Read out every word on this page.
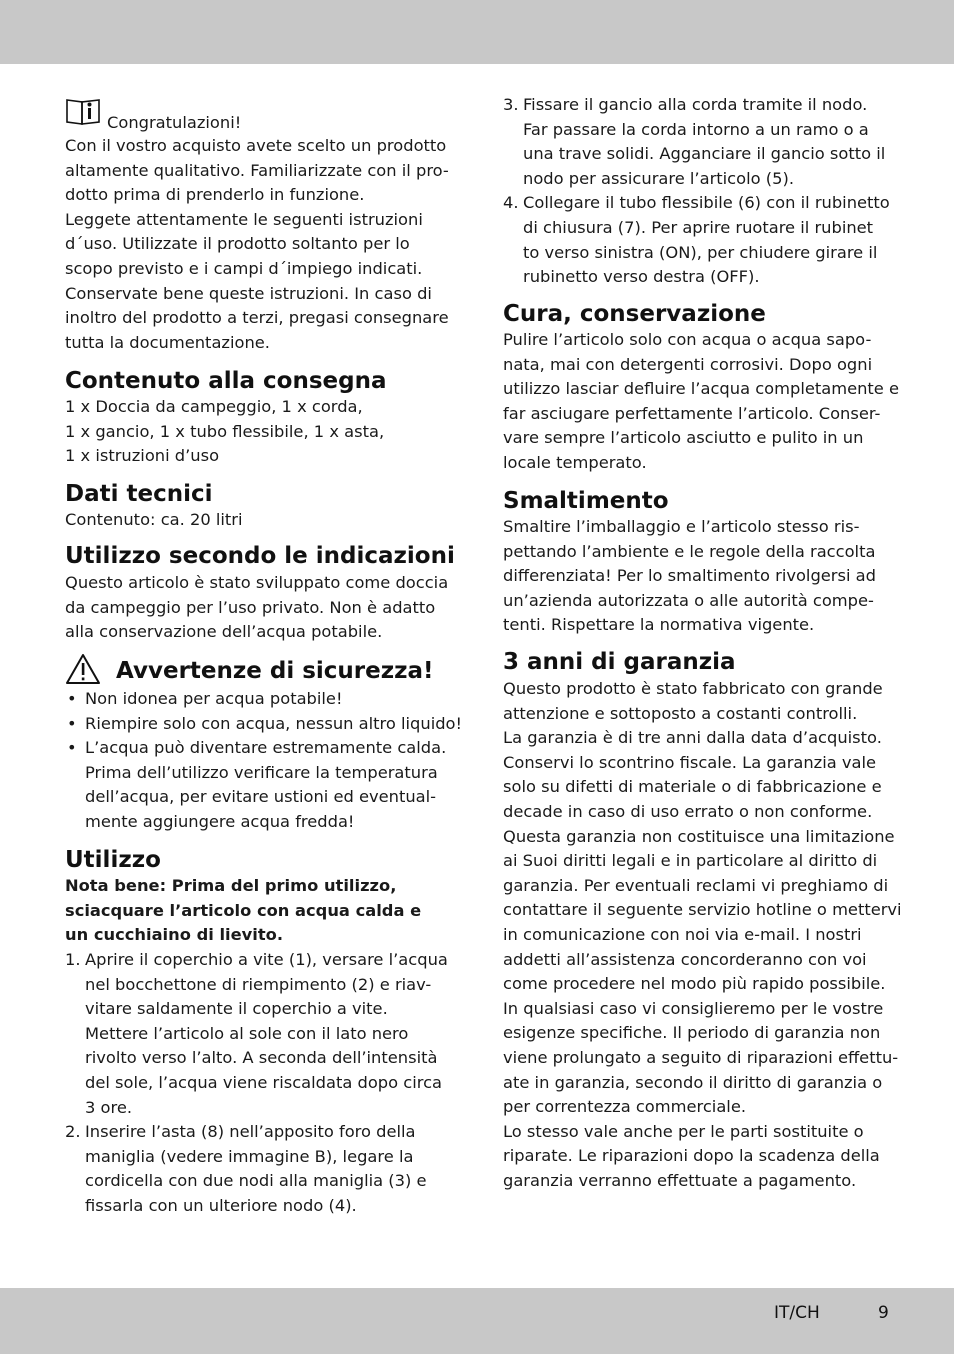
Congratulazioni!

Con il vostro acquisto avete scelto un prodotto

altamente qualitativo. Familiarizzate con il pro-

dotto prima di prenderlo in funzione.

Leggete attentamente le seguenti istruzioni

d´uso. Utilizzate il prodotto soltanto per lo

scopo previsto e i campi d´impiego indicati.

Conservate bene queste istruzioni. In caso di

inoltro del prodotto a terzi, pregasi consegnare

tutta la documentazione.

Contenuto alla consegna

1 x Doccia da campeggio, 1 x corda,

1 x gancio, 1 x tubo flessibile, 1 x asta,

1 x istruzioni d’uso

Dati tecnici

Contenuto: ca. 20 litri

Utilizzo secondo le indicazioni

Questo articolo è stato sviluppato come doccia

da campeggio per l’uso privato. Non è adatto

alla conservazione dell’acqua potabile.

Avvertenze di sicurezza!

• Non idonea per acqua potabile!

• Riempire solo con acqua, nessun altro liquido!

• L’acqua può diventare estremamente calda.

Prima dell’utilizzo verificare la temperatura

dell’acqua, per evitare ustioni ed eventual-

mente aggiungere acqua fredda!

Utilizzo

Nota bene: Prima del primo utilizzo,

sciacquare l’articolo con acqua calda e

un cucchiaino di lievito.

1. Aprire il coperchio a vite (1), versare l’acqua

nel bocchettone di riempimento (2) e riav-

vitare saldamente il coperchio a vite.

Mettere l’articolo al sole con il lato nero

rivolto verso l’alto. A seconda dell’intensità

del sole, l’acqua viene riscaldata dopo circa

3 ore.

2. Inserire l’asta (8) nell’apposito foro della

maniglia (vedere immagine B), legare la

cordicella con due nodi alla maniglia (3) e

fissarla con un ulteriore nodo (4).

3. Fissare il gancio alla corda tramite il nodo.

Far passare la corda intorno a un ramo o a

una trave solidi. Agganciare il gancio sotto il

nodo per assicurare l’articolo (5).

4. Collegare il tubo flessibile (6) con il rubinetto

di chiusura (7). Per aprire ruotare il rubinet

to verso sinistra (ON), per chiudere girare il

rubinetto verso destra (OFF).

Cura, conservazione

Pulire l’articolo solo con acqua o acqua sapo-

nata, mai con detergenti corrosivi. Dopo ogni

utilizzo lasciar defluire l’acqua completamente e

far asciugare perfettamente l’articolo. Conser-

vare sempre l’articolo asciutto e pulito in un

locale temperato.

Smaltimento

Smaltire l’imballaggio e l’articolo stesso ris-

pettando l’ambiente e le regole della raccolta

differenziata! Per lo smaltimento rivolgersi ad

un’azienda autorizzata o alle autorità compe-

tenti. Rispettare la normativa vigente.

3 anni di garanzia

Questo prodotto è stato fabbricato con grande

attenzione e sottoposto a costanti controlli.

La garanzia è di tre anni dalla data d’acquisto.

Conservi lo scontrino fiscale. La garanzia vale

solo su difetti di materiale o di fabbricazione e

decade in caso di uso errato o non conforme.

Questa garanzia non costituisce una limitazione

ai Suoi diritti legali e in particolare al diritto di

garanzia. Per eventuali reclami vi preghiamo di

contattare il seguente servizio hotline o mettervi

in comunicazione con noi via e-mail. I nostri

addetti all’assistenza concorderanno con voi

come procedere nel modo più rapido possibile.

In qualsiasi caso vi consiglieremo per le vostre

esigenze specifiche. Il periodo di garanzia non

viene prolungato a seguito di riparazioni effettu-

ate in garanzia, secondo il diritto di garanzia o

per correntezza commerciale.

Lo stesso vale anche per le parti sostituite o

riparate. Le riparazioni dopo la scadenza della

garanzia verranno effettuate a pagamento.

IT/CH	9
